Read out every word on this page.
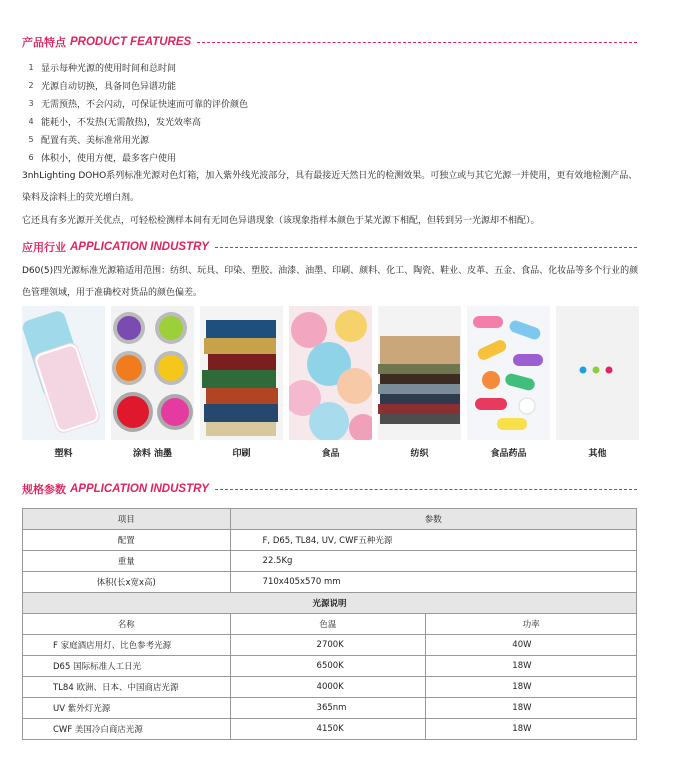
产品特点 PRODUCT FEATURES
1 显示每种光源的使用时间和总时间
2 光源自动切换，具备同色异谱功能
3 无需预热，不会闪动，可保证快速而可靠的评价颜色
4 能耗小，不发热(无需散热)，发光效率高
5 配置有英、美标准常用光源
6 体积小，使用方便，最多客户使用
3nhLighting DOHO系列标准光源对色灯箱，加入紫外线光波部分，具有最接近天然日光的检测效果。可独立或与其它光源一并使用，更有效地检测产品、染料及涂料上的荧光增白剂。
它还具有多光源开关优点，可轻松检测样本间有无同色异谱现象（该现象指样本颜色于某光源下相配，但转到另一光源却不相配）。
应用行业 APPLICATION INDUSTRY
D60(5)四光源标准光源箱适用范围：纺织、玩具、印染、塑胶、油漆、油墨、印刷、颜料、化工、陶瓷、鞋业、皮革、五金、食品、化妆品等多个行业的颜色管理领域，用于准确校对货品的颜色偏差。
塑料	涂料 油墨	印刷	食品	纺织	食品药品	其他
规格参数 APPLICATION INDUSTRY
项目	参数	
配置	F, D65, TL84, UV, CWF五种光源	
重量	22.5Kg	
体积(长x宽x高)	710x405x570 mm	
光源说明		
名称	色温	功率
F 家庭酒店用灯、比色参考光源	2700K	40W
D65 国际标准人工日光	6500K	18W
TL84 欧洲、日本、中国商店光源	4000K	18W
UV 紫外灯光源	365nm	18W
CWF 美国冷白商店光源	4150K	18W
